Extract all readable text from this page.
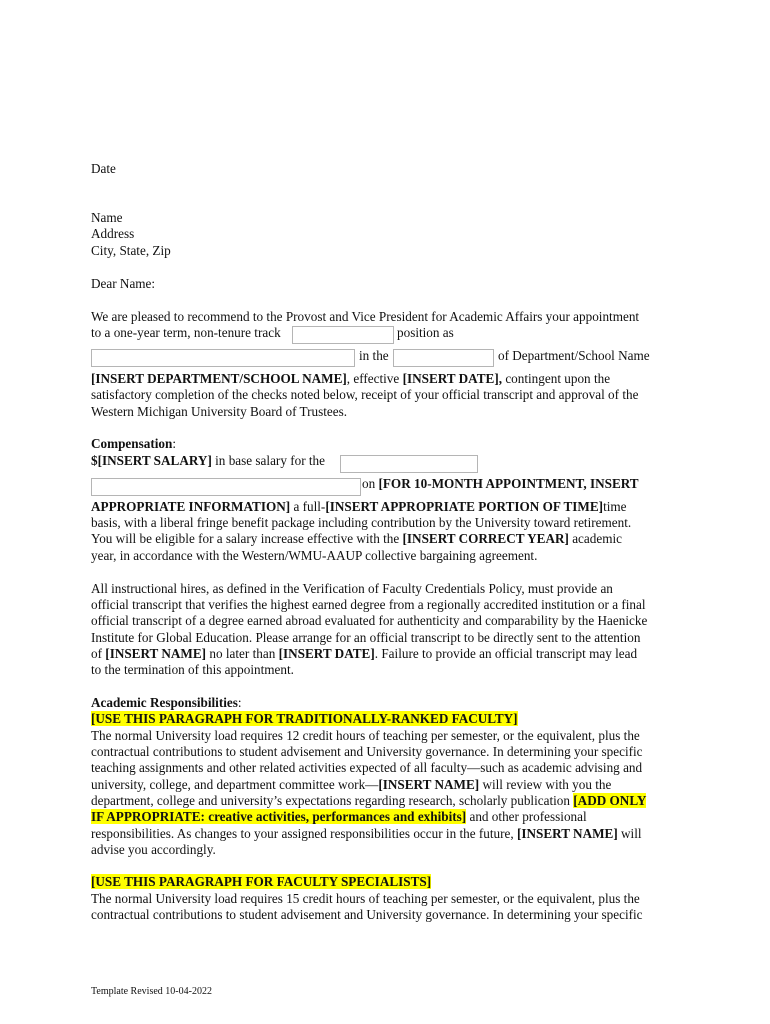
Date
Name
Address
City, State, Zip
Dear Name:
We are pleased to recommend to the Provost and Vice President for Academic Affairs your appointment
to a one-year term, non-tenure track	position as
in the	of Department/School Name
[INSERT DEPARTMENT/SCHOOL NAME], effective [INSERT DATE], contingent upon the
satisfactory completion of the checks noted below, receipt of your official transcript and approval of the
Western Michigan University Board of Trustees.
Compensation:
$[INSERT SALARY] in base salary for the
on [FOR 10-MONTH APPOINTMENT, INSERT
APPROPRIATE INFORMATION] a full-[INSERT APPROPRIATE PORTION OF TIME]time
basis, with a liberal fringe benefit package including contribution by the University toward retirement.
You will be eligible for a salary increase effective with the [INSERT CORRECT YEAR] academic
year, in accordance with the Western/WMU-AAUP collective bargaining agreement.
All instructional hires, as defined in the Verification of Faculty Credentials Policy, must provide an
official transcript that verifies the highest earned degree from a regionally accredited institution or a final
official transcript of a degree earned abroad evaluated for authenticity and comparability by the Haenicke
Institute for Global Education. Please arrange for an official transcript to be directly sent to the attention
of [INSERT NAME] no later than [INSERT DATE]. Failure to provide an official transcript may lead
to the termination of this appointment.
Academic Responsibilities:
[USE THIS PARAGRAPH FOR TRADITIONALLY-RANKED FACULTY]
The normal University load requires 12 credit hours of teaching per semester, or the equivalent, plus the
contractual contributions to student advisement and University governance. In determining your specific
teaching assignments and other related activities expected of all faculty—such as academic advising and
university, college, and department committee work—[INSERT NAME] will review with you the
department, college and university’s expectations regarding research, scholarly publication [ADD ONLY
IF APPROPRIATE: creative activities, performances and exhibits] and other professional
responsibilities. As changes to your assigned responsibilities occur in the future, [INSERT NAME] will
advise you accordingly.
[USE THIS PARAGRAPH FOR FACULTY SPECIALISTS]
The normal University load requires 15 credit hours of teaching per semester, or the equivalent, plus the
contractual contributions to student advisement and University governance. In determining your specific
Template Revised 10-04-2022
